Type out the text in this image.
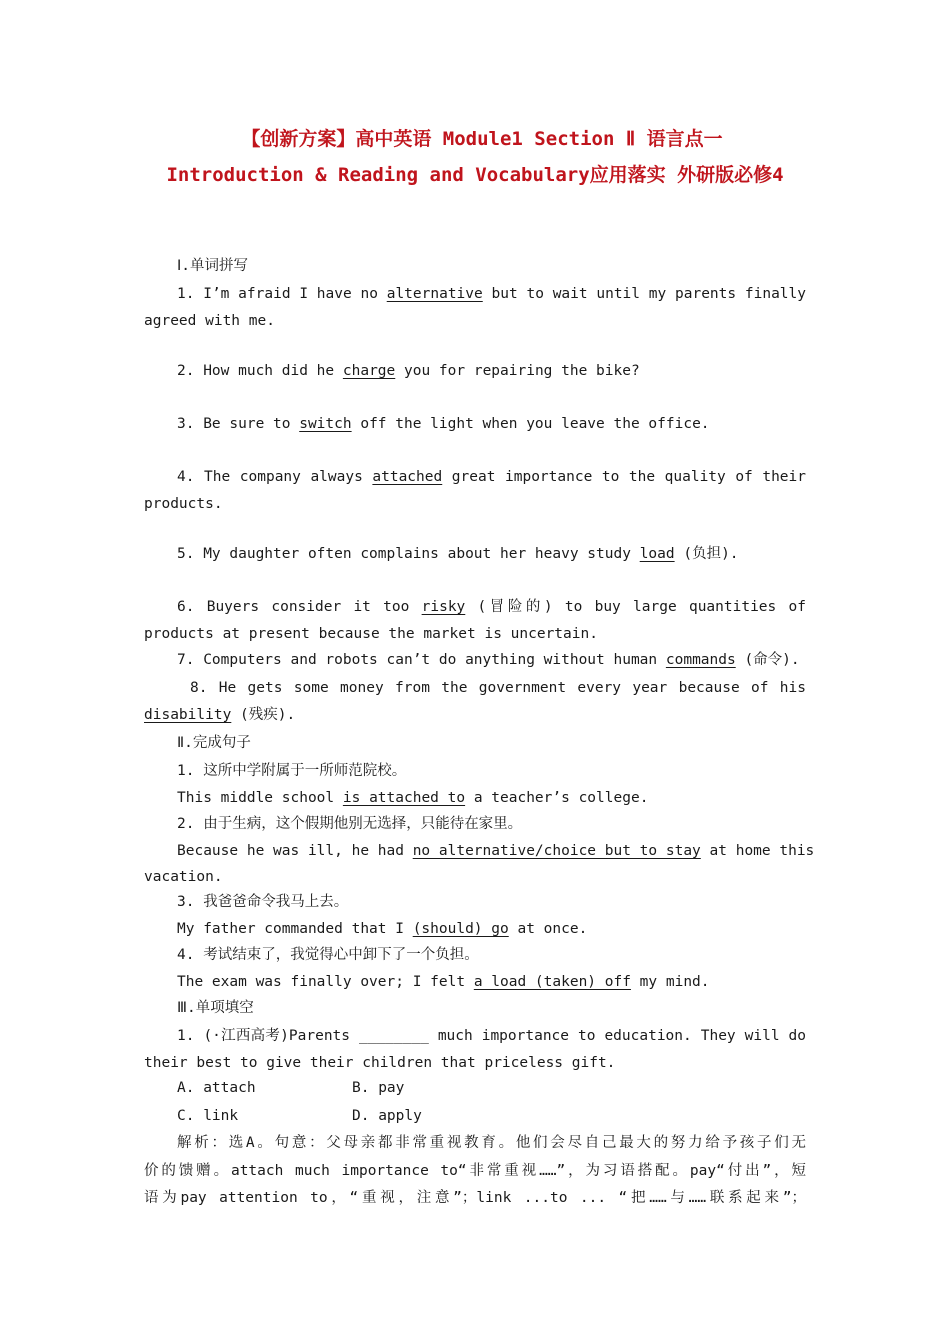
【创新方案】高中英语 Module1 Section Ⅱ 语言点一
Introduction & Reading and Vocabulary应用落实 外研版必修4
Ⅰ.单词拼写
1. I’m afraid I have no alternative but to wait until my parents finally
agreed with me.
2. How much did he charge you for repairing the bike?
3. Be sure to switch off the light when you leave the office.
4. The company always attached great importance to the quality of their
products.
5. My daughter often complains about her heavy study load (负担).
6. Buyers consider it too risky (冒险的) to buy large quantities of
products at present because the market is uncertain.
7. Computers and robots can’t do anything without human commands (命令).
8. He gets some money from the government every year because of his
disability (残疾).
Ⅱ.完成句子
1. 这所中学附属于一所师范院校。
This middle school is attached to a teacher’s college.
2. 由于生病，这个假期他别无选择，只能待在家里。
Because he was ill, he had no alternative/choice but to stay at home this
vacation.
3. 我爸爸命令我马上去。
My father commanded that I (should) go at once.
4. 考试结束了，我觉得心中卸下了一个负担。
The exam was finally over; I felt a load (taken) off my mind.
Ⅲ.单项填空
1. (·江西高考)Parents ________ much importance to education. They will do
their best to give their children that priceless gift.
A. attach	B. pay
C. link	D. apply
解析：选A。句意：父母亲都非常重视教育。他们会尽自己最大的努力给予孩子们无
价的馈赠。attach much importance to“非常重视……”，为习语搭配。pay“付出”，短
语为pay attention to，“重视，注意”；link ...to ... “把……与……联系起来”；
